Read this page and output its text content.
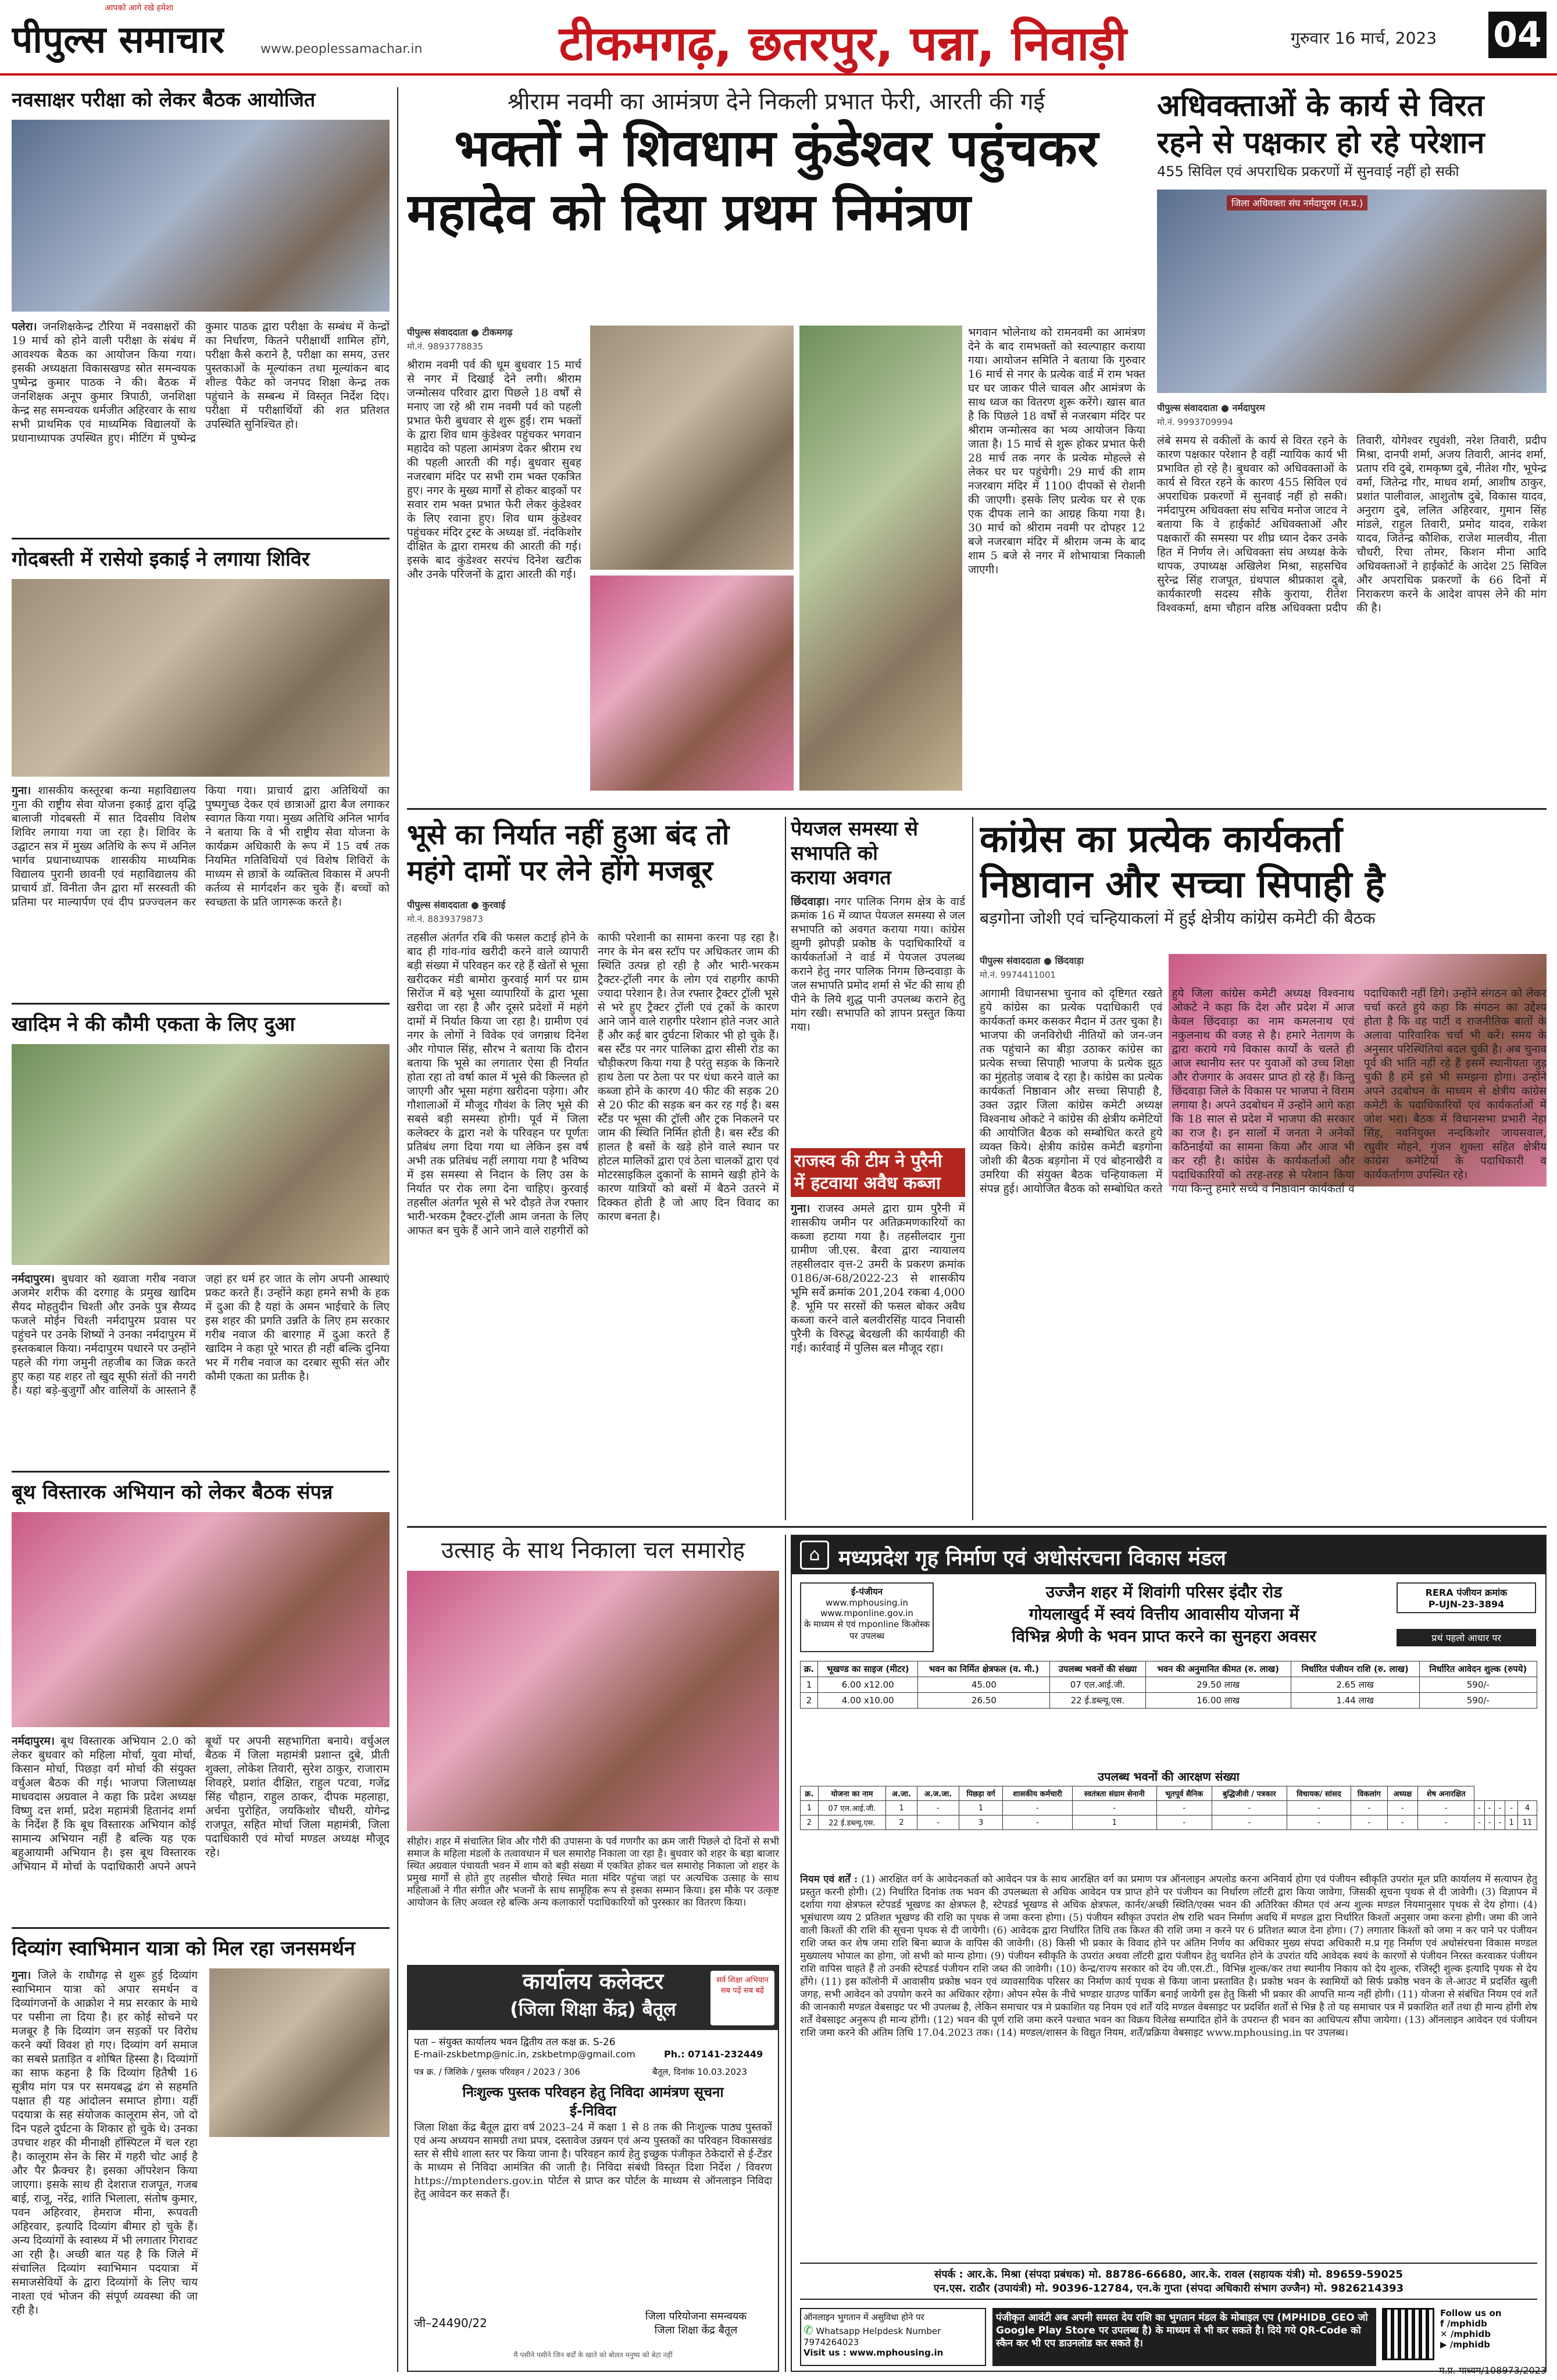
पीपुल्स समाचार
आपको आगे रखे हमेशा
www.peoplessamachar.in	टीकमगढ़, छतरपुर, पन्ना, निवाड़ी	गुरुवार 16 मार्च, 2023 04
नवसाक्षर परीक्षा को लेकर बैठक आयोजित

पलेरा। जनशिक्षकेन्द्र टौरिया में नवसाक्षरों की 19 मार्च को होने वाली परीक्षा के संबंध में आवश्यक बैठक का आयोजन किया गया। इसकी अध्यक्षता विकासखण्ड स्रोत समन्वयक पुष्पेन्द्र कुमार पाठक ने की। बैठक में जनशिक्षक अनूप कुमार त्रिपाठी, जनशिक्षा केन्द्र सह समन्वयक धर्मजीत अहिरवार के साथ सभी प्राथमिक एवं माध्यमिक विद्यालयों के प्रधानाध्यापक उपस्थित हुए। मीटिंग में पुष्पेन्द्र कुमार पाठक द्वारा परीक्षा के सम्बंध में केन्द्रों का निर्धारण, कितने परीक्षार्थी शामिल होंगे, परीक्षा कैसे कराने है, परीक्षा का समय, उत्तर पुस्तकाओं के मूल्यांकन तथा मूल्यांकन बाद शील्ड पैकेट को जनपद शिक्षा केन्द्र तक पहुंचाने के सम्बन्ध में विस्तृत निर्देश दिए। परीक्षा में परीक्षार्थियों की शत प्रतिशत उपस्थिति सुनिश्चित हो।

गोदबस्ती में रासेयो इकाई ने लगाया शिविर

गुना। शासकीय कस्तूरबा कन्या महाविद्यालय गुना की राष्ट्रीय सेवा योजना इकाई द्वारा वृद्धि बालाजी गोदबस्ती में सात दिवसीय विशेष शिविर लगाया गया जा रहा है। शिविर के उद्घाटन सत्र में मुख्य अतिथि के रूप में अनिल भार्गव प्रधानाध्यापक शासकीय माध्यमिक विद्यालय पुरानी छावनी एवं महाविद्यालय की प्राचार्य डॉ. विनीता जैन द्वारा माँ सरस्वती की प्रतिमा पर माल्यार्पण एवं दीप प्रज्ज्वलन कर किया गया। प्राचार्य द्वारा अतिथियों का पुष्पगुच्छ देकर एवं छात्राओं द्वारा बैज लगाकर स्वागत किया गया। मुख्य अतिथि अनिल भार्गव ने बताया कि वे भी राष्ट्रीय सेवा योजना के कार्यक्रम अधिकारी के रूप में 15 वर्ष तक नियमित गतिविधियों एवं विशेष शिविरों के माध्यम से छात्रों के व्यक्तित्व विकास में अपनी कर्तव्य से मार्गदर्शन कर चुके हैं। बच्चों को स्वच्छता के प्रति जागरूक करते है।

खादिम ने की कौमी एकता के लिए दुआ

नर्मदापुरम। बुधवार को ख्वाजा गरीब नवाज अजमेर शरीफ की दरगाह के प्रमुख खादिम सैयद मोहतुदीन चिश्ती और उनके पुत्र सैय्यद फजले मोईन चिश्ती नर्मदापुरम प्रवास पर पहुंचने पर उनके शिष्यों ने उनका नर्मदापुरम में इस्तकबाल किया। नर्मदापुरम पधारने पर उन्होंने पहले की गंगा जमुनी तहजीब का जिक्र करते हुए कहा यह शहर तो खुद सूफी संतों की नगरी है। यहां बड़े-बुजुर्गों और वालियों के आस्ताने हैं जहां हर धर्म हर जात के लोग अपनी आस्थाएं प्रकट करते हैं। उन्होंने कहा हमने सभी के हक में दुआ की है यहां के अमन भाईचारे के लिए इस शहर की प्रगति उन्नति के लिए हम सरकार गरीब नवाज की बारगाह में दुआ करते हैं खादिम ने कहा पूरे भारत ही नहीं बल्कि दुनिया भर में गरीब नवाज का दरबार सूफी संत और कौमी एकता का प्रतीक है।

बूथ विस्तारक अभियान को लेकर बैठक संपन्न

नर्मदापुरम। बूथ विस्तारक अभियान 2.0 को लेकर बुधवार को महिला मोर्चा, युवा मोर्चा, किसान मोर्चा, पिछड़ा वर्ग मोर्चा की संयुक्त वर्चुअल बैठक की गई। भाजपा जिलाध्यक्ष माधवदास अग्रवाल ने कहा कि प्रदेश अध्यक्ष विष्णु दत्त शर्मा, प्रदेश महामंत्री हितानंद शर्मा के निर्देश हैं कि बूथ विस्तारक अभियान कोई सामान्य अभियान नहीं है बल्कि यह एक बहुआयामी अभियान है। इस बूथ विस्तारक अभियान में मोर्चा के पदाधिकारी अपने अपने बूथों पर अपनी सहभागिता बनाये। वर्चुअल बैठक में जिला महामंत्री प्रशान्त दुबे, प्रीती शुक्ला, लोकेश तिवारी, सुरेश ठाकुर, राजाराम शिवहरे, प्रशांत दीक्षित, राहुल पटवा, गजेंद्र सिंह चौहान, राहुल ठाकर, दीपक महलाहा, अर्चना पुरोहित, जयकिशोर चौधरी, योगेन्द्र राजपूत, सहित मोर्चा जिला महामंत्री, जिला पदाधिकारी एवं मोर्चा मण्डल अध्यक्ष मौजूद रहे।

दिव्यांग स्वाभिमान यात्रा को मिल रहा जनसमर्थन

गुना। जिले के राघौगढ़ से शुरू हुई दिव्यांग स्वाभिमान यात्रा को अपार समर्थन व दिव्यांगजनों के आक्रोश ने मप्र सरकार के माथे पर पसीना ला दिया है। हर कोई सोचने पर मजबूर है कि दिव्यांग जन सड़कों पर विरोध करने क्यों विवश हो गए। दिव्यांग वर्ग समाज का सबसे प्रताड़ित व शोषित हिस्सा है। दिव्यांगों का साफ कहना है कि दिव्यांग हितैषी 16 सूत्रीय मांग पत्र पर समयबद्ध ढंग से सहमति पक्षात ही यह आंदोलन समाप्त होगा। यहीं पदयात्रा के सह संयोजक कालूराम सेन, जो दो दिन पहले दुर्घटना के शिकार हो चुके थे। उनका उपचार शहर की मीनाक्षी हॉस्पिटल में चल रहा है। कालूराम सेन के सिर में गहरी चोट आई है और पैर फ्रैक्चर है। इसका ऑपरेशन किया जाएगा। इसके साथ ही देशराज राजपूत, गजब बाई, राजू, नरेंद्र, शांति भिलाला, संतोष कुमार, पवन अहिरवार, हेमराज मीना, रूपवती अहिरवार, इत्यादि दिव्यांग बीमार हो चुके हैं। अन्य दिव्यांगों के स्वास्थ्य में भी लगातार गिरावट आ रही है। अच्छी बात यह है कि जिले में संचालित दिव्यांग स्वाभिमान पदयात्रा में समाजसेवियों के द्वारा दिव्यांगों के लिए चाय नाश्ता एवं भोजन की संपूर्ण व्यवस्था की जा रही है।

श्रीराम नवमी का आमंत्रण देने निकली प्रभात फेरी, आरती की गई
भक्तों ने शिवधाम कुंडेश्वर पहुंचकर
महादेव को दिया प्रथम निमंत्रण
पीपुल्स संवाददाता ● टीकमगढ़
मो.नं. 9893778835

श्रीराम नवमी पर्व की धूम बुधवार 15 मार्च से नगर में दिखाई देने लगी। श्रीराम जन्मोत्सव परिवार द्वारा पिछले 18 वर्षों से मनाए जा रहे श्री राम नवमी पर्व को पहली प्रभात फेरी बुधवार से शुरू हुई। राम भक्तों के द्वारा शिव धाम कुंडेश्वर पहुंचकर भगवान महादेव को पहला आमंत्रण देकर श्रीराम रथ की पहली आरती की गई। बुधवार सुबह नजरबाग मंदिर पर सभी राम भक्त एकत्रित हुए। नगर के मुख्य मार्गों से होकर बाइकों पर सवार राम भक्त प्रभात फेरी लेकर कुंडेश्वर के लिए रवाना हुए। शिव धाम कुंडेश्वर पहुंचकर मंदिर ट्रस्ट के अध्यक्ष डॉ. नंदकिशोर दीक्षित के द्वारा रामरथ की आरती की गई। इसके बाद कुंडेश्वर सरपंच दिनेश खटीक और उनके परिजनों के द्वारा आरती की गई।

भगवान भोलेनाथ को रामनवमी का आमंत्रण देने के बाद रामभक्तों को स्वल्पाहार कराया गया। आयोजन समिति ने बताया कि गुरुवार 16 मार्च से नगर के प्रत्येक वार्ड में राम भक्त घर घर जाकर पीले चावल और आमंत्रण के साथ ध्वज का वितरण शुरू करेंगे। खास बात है कि पिछले 18 वर्षों से नजरबाग मंदिर पर श्रीराम जन्मोत्सव का भव्य आयोजन किया जाता है। 15 मार्च से शुरू होकर प्रभात फेरी 28 मार्च तक नगर के प्रत्येक मोहल्ले से लेकर घर घर पहुंचेगी। 29 मार्च की शाम नजरबाग मंदिर में 1100 दीपकों से रोशनी की जाएगी। इसके लिए प्रत्येक घर से एक एक दीपक लाने का आग्रह किया गया है। 30 मार्च को श्रीराम नवमी पर दोपहर 12 बजे नजरबाग मंदिर में श्रीराम जन्म के बाद शाम 5 बजे से नगर में शोभायात्रा निकाली जाएगी।

अधिवक्ताओं के कार्य से विरत
रहने से पक्षकार हो रहे परेशान
455 सिविल एवं अपराधिक प्रकरणों में सुनवाई नहीं हो सकी
जिला अधिवक्ता संघ नर्मदापुरम (म.प्र.)
पीपुल्स संवाददाता ● नर्मदापुरम
मो.नं. 9993709994

लंबे समय से वकीलों के कार्य से विरत रहने के कारण पक्षकार परेशान है वहीं न्यायिक कार्य भी प्रभावित हो रहे है। बुधवार को अधिवक्ताओं के कार्य से विरत रहने के कारण 455 सिविल एवं अपराधिक प्रकरणों में सुनवाई नहीं हो सकी। नर्मदापुरम अधिवक्ता संघ सचिव मनोज जाटव ने बताया कि वे हाईकोर्ट अधिवक्ताओं और पक्षकारों की समस्या पर शीघ्र ध्यान देकर उनके हित में निर्णय ले। अधिवक्ता संघ अध्यक्ष केके थापक, उपाध्यक्ष अखिलेश मिश्रा, सहसचिव सुरेन्द्र सिंह राजपूत, ग्रंथपाल श्रीप्रकाश दुबे, कार्यकारणी सदस्य सौके कुराया, रीतेश विश्वकर्मा, क्षमा चौहान वरिष्ठ अधिवक्ता प्रदीप तिवारी, योगेश्वर रघुवंशी, नरेश तिवारी, प्रदीप मिश्रा, दानपी शर्मा, अजय तिवारी, आनंद शर्मा, प्रताप रवि दुबे, रामकृष्ण दुबे, नीतेश गौर, भूपेन्द्र वर्मा, जितेन्द्र गौर, माधव शर्मा, आशीष ठाकुर, प्रशांत पालीवाल, आशुतोष दुबे, विकास यादव, अनुराग दुबे, ललित अहिरवार, गुमान सिंह मांडले, राहुल तिवारी, प्रमोद यादव, राकेश यादव, जितेन्द्र कौशिक, राजेश मालवीय, नीता चौधरी, रिचा तोमर, किशन मीना आदि अधिवक्ताओं ने हाईकोर्ट के आदेश 25 सिविल और अपराधिक प्रकरणों के 66 दिनों में निराकरण करने के आदेश वापस लेने की मांग की है।

भूसे का निर्यात नहीं हुआ बंद तो
महंगे दामों पर लेने होंगे मजबूर
पीपुल्स संवाददाता ● कुरवाई
मो.नं. 8839379873

तहसील अंतर्गत रबि की फसल कटाई होने के बाद ही गांव-गांव खरीदी करने वाले व्यापारी बड़ी संख्या में परिवहन कर रहे हैं खेतों से भूसा खरीदकर मंडी बामोरा कुरवाई मार्ग पर ग्राम सिरोंज में बड़े भूसा व्यापारियों के द्वारा भूसा खरीदा जा रहा है और दूसरे प्रदेशों में महंगे दामों में निर्यात किया जा रहा है। ग्रामीण एवं नगर के लोगों ने विवेक एवं जगन्नाथ दिनेश और गोपाल सिंह, सौरभ ने बताया कि दौरान बताया कि भूसे का लगातार ऐसा ही निर्यात होता रहा तो वर्षा काल में भूसे की किल्लत हो जाएगी और भूसा महंगा खरीदना पड़ेगा। और गौशालाओं में मौजूद गौवंश के लिए भूसे की सबसे बड़ी समस्या होगी। पूर्व में जिला कलेक्टर के द्वारा नशे के परिवहन पर पूर्णतः प्रतिबंध लगा दिया गया था लेकिन इस वर्ष अभी तक प्रतिबंध नहीं लगाया गया है भविष्य में इस समस्या से निदान के लिए उस के निर्यात पर रोक लगा देना चाहिए। कुरवाई तहसील अंतर्गत भूसे से भरे दौड़ते तेज रफ्तार भारी-भरकम ट्रैक्टर-ट्रॉली आम जनता के लिए आफत बन चुके हैं आने जाने वाले राहगीरों को काफी परेशानी का सामना करना पड़ रहा है। नगर के मेन बस स्टॉप पर अधिकतर जाम की स्थिति उत्पन्न हो रही है और भारी-भरकम ट्रैक्टर-ट्रॉली नगर के लोग एवं राहगीर काफी ज्यादा परेशान है। तेज रफ्तार ट्रैक्टर ट्रॉली भूसे से भरे हुए ट्रैक्टर ट्रॉली एवं ट्रकों के कारण आने जाने वाले राहगीर परेशान होते नजर आते हैं और कई बार दुर्घटना शिकार भी हो चुके हैं। बस स्टैंड पर नगर पालिका द्वारा सीसी रोड का चौड़ीकरण किया गया है परंतु सड़क के किनारे हाथ ठेला पर ठेला पर पर धंधा करने वाले का कब्जा होने के कारण 40 फीट की सड़क 20 से 20 फीट की सड़क बन कर रह गई है। बस स्टैंड पर भूसा की ट्रॉली और ट्रक निकलने पर जाम की स्थिति निर्मित होती है। बस स्टैंड की हालत है बसों के खड़े होने वाले स्थान पर होटल मालिकों द्वारा एवं ठेला चालकों द्वारा एवं मोटरसाइकिल दुकानों के सामने खड़ी होने के कारण यात्रियों को बसों में बैठने उतरने में दिक्कत होती है जो आए दिन विवाद का कारण बनता है।

पेयजल समस्या से
सभापति को
कराया अवगत

छिंदवाड़ा। नगर पालिक निगम क्षेत्र के वार्ड क्रमांक 16 में व्याप्त पेयजल समस्या से जल सभापति को अवगत कराया गया। कांग्रेस झुग्गी झोपड़ी प्रकोष्ठ के पदाधिकारियों व कार्यकर्ताओं ने वार्ड में पेयजल उपलब्ध कराने हेतु नगर पालिक निगम छिन्दवाड़ा के जल सभापति प्रमोद शर्मा से भेंट की साथ ही पीने के लिये शुद्ध पानी उपलब्ध कराने हेतु मांग रखी। सभापति को ज्ञापन प्रस्तुत किया गया।

राजस्व की टीम ने पुरैनी
में हटवाया अवैध कब्जा

गुना। राजस्व अमले द्वारा ग्राम पुरैनी में शासकीय जमीन पर अतिक्रमणकारियों का कब्जा हटाया गया है। तहसीलदार गुना ग्रामीण जी.एस. बैरवा द्वारा न्यायालय तहसीलदार वृत्त-2 उमरी के प्रकरण क्रमांक 0186/अ-68/2022-23 से शासकीय भूमि सर्वे क्रमांक 201,204 रकबा 4,000 है. भूमि पर सरसों की फसल बोकर अवैध कब्जा करने वाले बलवीरसिंह यादव निवासी पुरैनी के विरुद्ध बेदखली की कार्यवाही की गई। कार्रवाई में पुलिस बल मौजूद रहा।

कांग्रेस का प्रत्येक कार्यकर्ता
निष्ठावान और सच्चा सिपाही है
बड़गोना जोशी एवं चन्हियाकलां में हुई क्षेत्रीय कांग्रेस कमेटी की बैठक
पीपुल्स संवाददाता ● छिंदवाड़ा
मो.नं. 9974411001

आगामी विधानसभा चुनाव को दृष्टिगत रखते हुये कांग्रेस का प्रत्येक पदाधिकारी एवं कार्यकर्ता कमर कसकर मैदान में उतर चुका है। भाजपा की जनविरोधी नीतियों को जन-जन तक पहुंचाने का बीड़ा उठाकर कांग्रेस का प्रत्येक सच्चा सिपाही भाजपा के प्रत्येक झूठ का मुंहतोड़ जवाब दे रहा है। कांग्रेस का प्रत्येक कार्यकर्ता निष्ठावान और सच्चा सिपाही है, उक्त उद्गार जिला कांग्रेस कमेटी अध्यक्ष विश्वनाथ ओकटे ने कांग्रेस की क्षेत्रीय कमेटियों की आयोजित बैठक को सम्बोधित करते हुये व्यक्त किये। क्षेत्रीय कांग्रेस कमेटी बड़गोना जोशी की बैठक बड़गोना में एवं बोहनाखैरी व उमरिया की संयुक्त बैठक चन्हियाकला में संपन्न हुई। आयोजित बैठक को सम्बोधित करते हुये जिला कांग्रेस कमेटी अध्यक्ष विश्वनाथ ओकटे ने कहा कि देश और प्रदेश में आज केवल छिंदवाड़ा का नाम कमलनाथ एवं नकुलनाथ की वजह से है। हमारे नेतागण के द्वारा कराये गये विकास कार्यों के चलते ही आज स्थानीय स्तर पर युवाओं को उच्च शिक्षा और रोजगार के अवसर प्राप्त हो रहे हैं। किन्तु छिंदवाड़ा जिले के विकास पर भाजपा ने विराम लगाया है। अपने उदबोधन में उन्होंने आगे कहा कि 18 साल से प्रदेश में भाजपा की सरकार का राज है। इन सालों में जनता ने अनेकों कठिनाईयों का सामना किया और आज भी कर रही है। कांग्रेस के कार्यकर्ताओं और पदाधिकारियों को तरह-तरह से परेशान किया गया किन्तु हमारे सच्चे व निष्ठावान कार्यकर्ता व पदाधिकारी नहीं डिगे। उन्होंने संगठन को लेकर चर्चा करते हुये कहा कि संगठन का उद्देश्य होता है कि वह पार्टी व राजनीतिक बातों के अलावा पारिवारिक चर्चा भी करें। समय के अनुसार परिस्थितियां बदल चुकी है। अब चुनाव पूर्व की भांति नहीं रहे हैं इसमें स्थानीयता जुड़ चुकी है हमें इसे भी समझना होगा। उन्होंने अपने उदबोधन के माध्यम से क्षेत्रीय कांग्रेस कमेटी के पदाधिकारियों एवं कार्यकर्ताओं में जोश भरा। बैठक में विधानसभा प्रभारी नेहा सिंह, नवनियुक्त नन्दकिशोर जायसवाल, रघुवीर मोहने, गुंजन शुक्ला सहित क्षेत्रीय कांग्रेस कमेटियों के पदाधिकारी व कार्यकर्तागण उपस्थित रहे।

उत्साह के साथ निकाला चल समारोह

सीहोर। शहर में संचालित शिव और गौरी की उपासना के पर्व गणगौर का क्रम जारी पिछले दो दिनों से सभी समाज के महिला मंडलों के तत्वावधान में चल समारोह निकाला जा रहा है। बुधवार को शहर के बड़ा बाजार स्थित अग्रवाल पंचायती भवन में शाम को बड़ी संख्या में एकत्रित होकर चल समारोह निकाला जो शहर के प्रमुख मार्गों से होते हुए तहसील चौराहे स्थित माता मंदिर पहुंचा जहां पर अत्यधिक उत्साह के साथ महिलाओं ने गीत संगीत और भजनों के साथ सामूहिक रूप से इसका सम्मान किया। इस मौके पर उत्कृष्ट आयोजन के लिए अव्वल रहे बल्कि अन्य कलाकारों पदाधिकारियों को पुरस्कार का वितरण किया।

कार्यालय कलेक्टर
(जिला शिक्षा केंद्र) बैतूल
सर्व शिक्षा अभियान सब पढ़ें सब बढ़ें
पता – संयुक्त कार्यालय भवन द्वितीय तल कक्ष क्र. S-26
E-mail-zskbetmp@nic.in, zskbetmp@gmail.com	Ph.: 07141-232449
पत्र क्र. / जिशिके / पुस्तक परिवहन / 2023 / 306	बैतूल, दिनांक 10.03.2023
निःशुल्क पुस्तक परिवहन हेतु निविदा आमंत्रण सूचना
ई-निविदा

जिला शिक्षा केंद्र बैतूल द्वारा वर्ष 2023–24 में कक्षा 1 से 8 तक की निःशुल्क पाठ्य पुस्तकों एवं अन्य अध्ययन सामग्री तथा प्रपत्र, दस्तावेज उन्नयन एवं अन्य पुस्तकों का परिवहन विकासखंड स्तर से सीधे शाला स्तर पर किया जाना है। परिवहन कार्य हेतु इच्छुक पंजीकृत ठेकेदारों से ई-टेंडर के माध्यम से निविदा आमंत्रित की जाती है। निविदा संबंधी विस्तृत दिशा निर्देश / विवरण https://mptenders.gov.in पोर्टल से प्राप्त कर पोर्टल के माध्यम से ऑनलाइन निविदा हेतु आवेदन कर सकते हैं।

जी–24490/22	जिला परियोजना समन्वयक
जिला शिक्षा केंद्र बैतूल
मैं पसीने पसीने जिन बर्दों के खाते को बोलत मनुष्य को बेटा नहीं
⌂ मध्यप्रदेश गृह निर्माण एवं अधोसंरचना विकास मंडल
ई-पंजीयन
www.mphousing.in
www.mponline.gov.in
के माध्यम से एवं mponline किओस्क पर उपलब्ध
उज्जैन शहर में शिवांगी परिसर इंदौर रोड
गोयलाखुर्द में स्वयं वित्तीय आवासीय योजना में
विभिन्न श्रेणी के भवन प्राप्त करने का सुनहरा अवसर
RERA पंजीयन क्रमांक
P-UJN-23-3894
प्रथं पहलो आधार पर
क्र.	भूखण्ड का साइज (मीटर)	भवन का निर्मित क्षेत्रफल (व. मी.)	उपलब्ध भवनों की संख्या	भवन की अनुमानित कीमत (रु. लाख)	निर्धारित पंजीयन राशि (रु. लाख)	निर्धारित आवेदन शुल्क (रुपये)
1	6.00 x12.00	45.00	07 एल.आई.जी.	29.50 लाख	2.65 लाख	590/-
2	4.00 x10.00	26.50	22 ई.डब्ल्यू.एस.	16.00 लाख	1.44 लाख	590/-
उपलब्ध भवनों की आरक्षण संख्या
क्र.	योजना का नाम	अ.जा.	अ.ज.जा.	पिछड़ा वर्ग	शासकीय कर्मचारी	स्वतंत्रता संग्राम सेनानी	भूतपूर्व सैनिक	बुद्धिजीवी / पत्रकार	विधायक/ सांसद	विकलांग	अध्यक्ष	शेष अनारक्षित					
1	07 एल.आई.जी.	1	-	1	-	-	-	-	-	-	-	-	-	-	-	-	4
2	22 ई.डब्ल्यू.एस.	2	-	3	-	1	-	-	-	-	-	-	-	-	-	1	11

नियम एवं शर्तें : (1) आरक्षित वर्ग के आवेदनकर्ता को आवेदन पत्र के साथ आरक्षित वर्ग का प्रमाण पत्र ऑनलाइन अपलोड करना अनिवार्य होगा एवं पंजीयन स्वीकृति उपरांत मूल प्रति कार्यालय में सत्यापन हेतु प्रस्तुत करनी होगी। (2) निर्धारित दिनांक तक भवन की उपलब्धता से अधिक आवेदन पत्र प्राप्त होने पर पंजीयन का निर्धारण लॉटरी द्वारा किया जावेगा, जिसकी सूचना पृथक से दी जावेगी। (3) विज्ञापन में दर्शाया गया क्षेत्रफल स्टेपडर्ड भूखण्ड का क्षेत्रफल है, स्टेपडर्ड भूखण्ड से अधिक क्षेत्रफल, कार्नर/अच्छी स्थिति/एक्स भवन की अतिरिक्त कीमत एवं अन्य शुल्क मण्डल नियमानुसार पृथक से देय होगा। (4) भूसंधारण व्यय 2 प्रतिशत भूखण्ड की राशि का पृथक से जमा करना होगा। (5) पंजीयन स्वीकृत उपरांत शेष राशि भवन निर्माण अवधि में मण्डल द्वारा निर्धारित किश्तों अनुसार जमा करना होगी। जमा की जाने वाली किश्तों की राशि की सूचना पृथक से दी जायेगी। (6) आवेदक द्वारा निर्धारित तिथि तक किश्त की राशि जमा न करने पर 6 प्रतिशत ब्याज देना होगा। (7) लगातार किश्तों को जमा न कर पाने पर पंजीयन राशि जब्त कर शेष जमा राशि बिना ब्याज के वापिस की जावेगी। (8) किसी भी प्रकार के विवाद होने पर अंतिम निर्णय का अधिकार मुख्य संपदा अधिकारी म.प्र गृह निर्माण एवं अधोसंरचना विकास मण्डल मुख्यालय भोपाल का होगा, जो सभी को मान्य होगा। (9) पंजीयन स्वीकृति के उपरांत अथवा लॉटरी द्वारा पंजीयन हेतु चयनित होने के उपरांत यदि आवेदक स्वयं के कारणों से पंजीयन निरस्त करवाकर पंजीयन राशि वापिस चाहते हैं तो उनकी स्टेपडर्ड पंजीयन राशि जब्त की जावेगी। (10) केन्द्र/राज्य सरकार को देय जी.एस.टी., विभिन्न शुल्क/कर तथा स्थानीय निकाय को देय शुल्क, रजिस्ट्री शुल्क इत्यादि पृथक से देय होंगे। (11) इस कॉलोनी में आवासीय प्रकोष्ठ भवन एवं व्यावसायिक परिसर का निर्माण कार्य पृथक से किया जाना प्रस्तावित है। प्रकोष्ठ भवन के स्वामियों को सिर्फ प्रकोष्ठ भवन के ले-आउट में प्रदर्शित खुली जगह, सभी आवेदन को उपयोग करने का अधिकार रहेगा। ओपन स्पेस के नीचे भण्डार ग्राउण्ड पार्किंग बनाई जायेगी इस हेतु किसी भी प्रकार की आपत्ति मान्य नहीं होगी। (11) योजना से संबंधित नियम एवं शर्तें की जानकारी मण्डल वेबसाइट पर भी उपलब्ध है, लेकिन समाचार पत्र मे प्रकाशित यह नियम एवं शर्तें यदि मण्डल वेबसाइट पर प्रदर्शित शर्तों से भिन्न है तो यह समाचार पत्र में प्रकाशित शर्तें तथा ही मान्य होंगी शेष शर्तें वेबसाइट अनुरूप ही मान्य होंगी। (12) भवन की पूर्ण राशि जमा करने पश्चात भवन का विक्रय विलेख सम्पादित होने के उपरान्त ही भवन का आधिपत्य सौंपा जायेगा। (13) ऑनलाइन आवेदन एवं पंजीयन राशि जमा करने की अंतिम तिथि 17.04.2023 तक। (14) मण्डल/शासन के विद्युत नियम, शर्तें/प्रक्रिया वेबसाइट www.mphousing.in पर उपलब्ध।

संपर्क : आर.के. मिश्रा (संपदा प्रबंधक) मो. 88786-66680, आर.के. रावल (सहायक यंत्री) मो. 89659-59025
एन.एस. राठौर (उपायंत्री) मो. 90396-12784, एन.के गुप्ता (संपदा अधिकारी संभाग उज्जैन) मो. 9826214393
ऑनलाइन भुगतान में असुविधा होने पर
✆ Whatsapp Helpdesk Number 7974264023
Visit us : www.mphousing.in
पंजीकृत आवंटी अब अपनी समस्त देय राशि का भुगतान मंडल के मोबाइल एप (MPHIDB_GEO जो Google Play Store पर उपलब्ध है) के माध्यम से भी कर सकते है। दिये गये QR-Code को स्कैन कर भी एप डाउनलोड कर सकते है।
Follow us on
f /mphidb
✕ /mphidb
▶ /mphidb
म.प्र. माध्यम/108973/2023
